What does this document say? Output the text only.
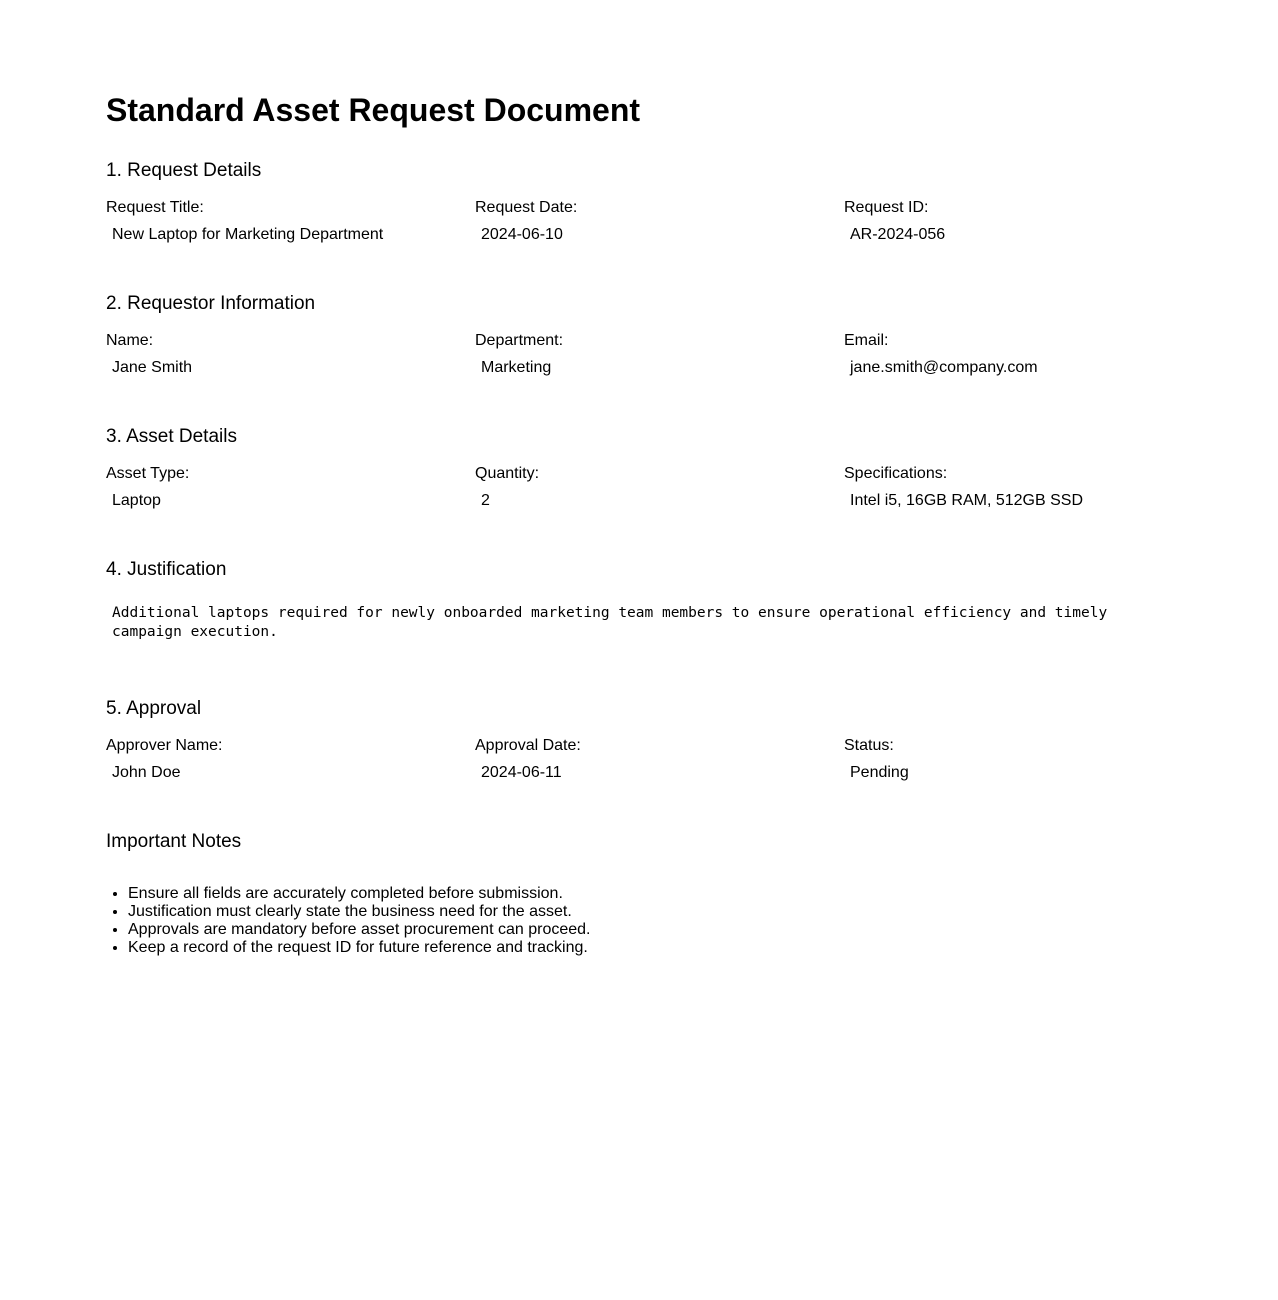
Standard Asset Request Document
1. Request Details
Request Title:
New Laptop for Marketing Department
Request Date:
2024-06-10
Request ID:
AR-2024-056
2. Requestor Information
Name:
Jane Smith
Department:
Marketing
Email:
jane.smith@company.com
3. Asset Details
Asset Type:
Laptop
Quantity:
2
Specifications:
Intel i5, 16GB RAM, 512GB SSD
4. Justification

Additional laptops required for newly onboarded marketing team members to ensure operational efficiency and timely campaign execution.

5. Approval
Approver Name:
John Doe
Approval Date:
2024-06-11
Status:
Pending
Important Notes
• Ensure all fields are accurately completed before submission.
• Justification must clearly state the business need for the asset.
• Approvals are mandatory before asset procurement can proceed.
• Keep a record of the request ID for future reference and tracking.
